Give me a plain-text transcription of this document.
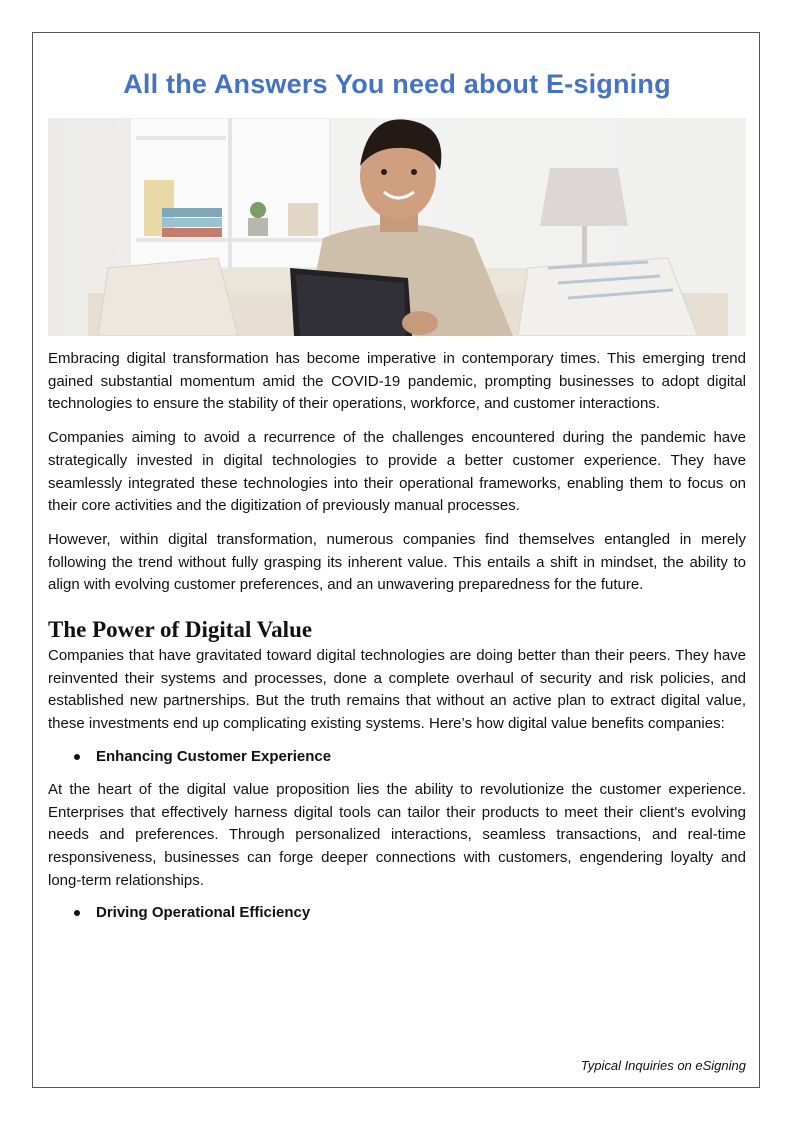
All the Answers You need about E-signing

Embracing digital transformation has become imperative in contemporary times. This emerging trend gained substantial momentum amid the COVID-19 pandemic, prompting businesses to adopt digital technologies to ensure the stability of their operations, workforce, and customer interactions.

Companies aiming to avoid a recurrence of the challenges encountered during the pandemic have strategically invested in digital technologies to provide a better customer experience. They have seamlessly integrated these technologies into their operational frameworks, enabling them to focus on their core activities and the digitization of previously manual processes.

However, within digital transformation, numerous companies find themselves entangled in merely following the trend without fully grasping its inherent value. This entails a shift in mindset, the ability to align with evolving customer preferences, and an unwavering preparedness for the future.

The Power of Digital Value

Companies that have gravitated toward digital technologies are doing better than their peers. They have reinvented their systems and processes, done a complete overhaul of security and risk policies, and established new partnerships. But the truth remains that without an active plan to extract digital value, these investments end up complicating existing systems. Here’s how digital value benefits companies:

Enhancing Customer Experience

At the heart of the digital value proposition lies the ability to revolutionize the customer experience. Enterprises that effectively harness digital tools can tailor their products to meet their client's evolving needs and preferences. Through personalized interactions, seamless transactions, and real-time responsiveness, businesses can forge deeper connections with customers, engendering loyalty and long-term relationships.

Driving Operational Efficiency
Typical Inquiries on eSigning
